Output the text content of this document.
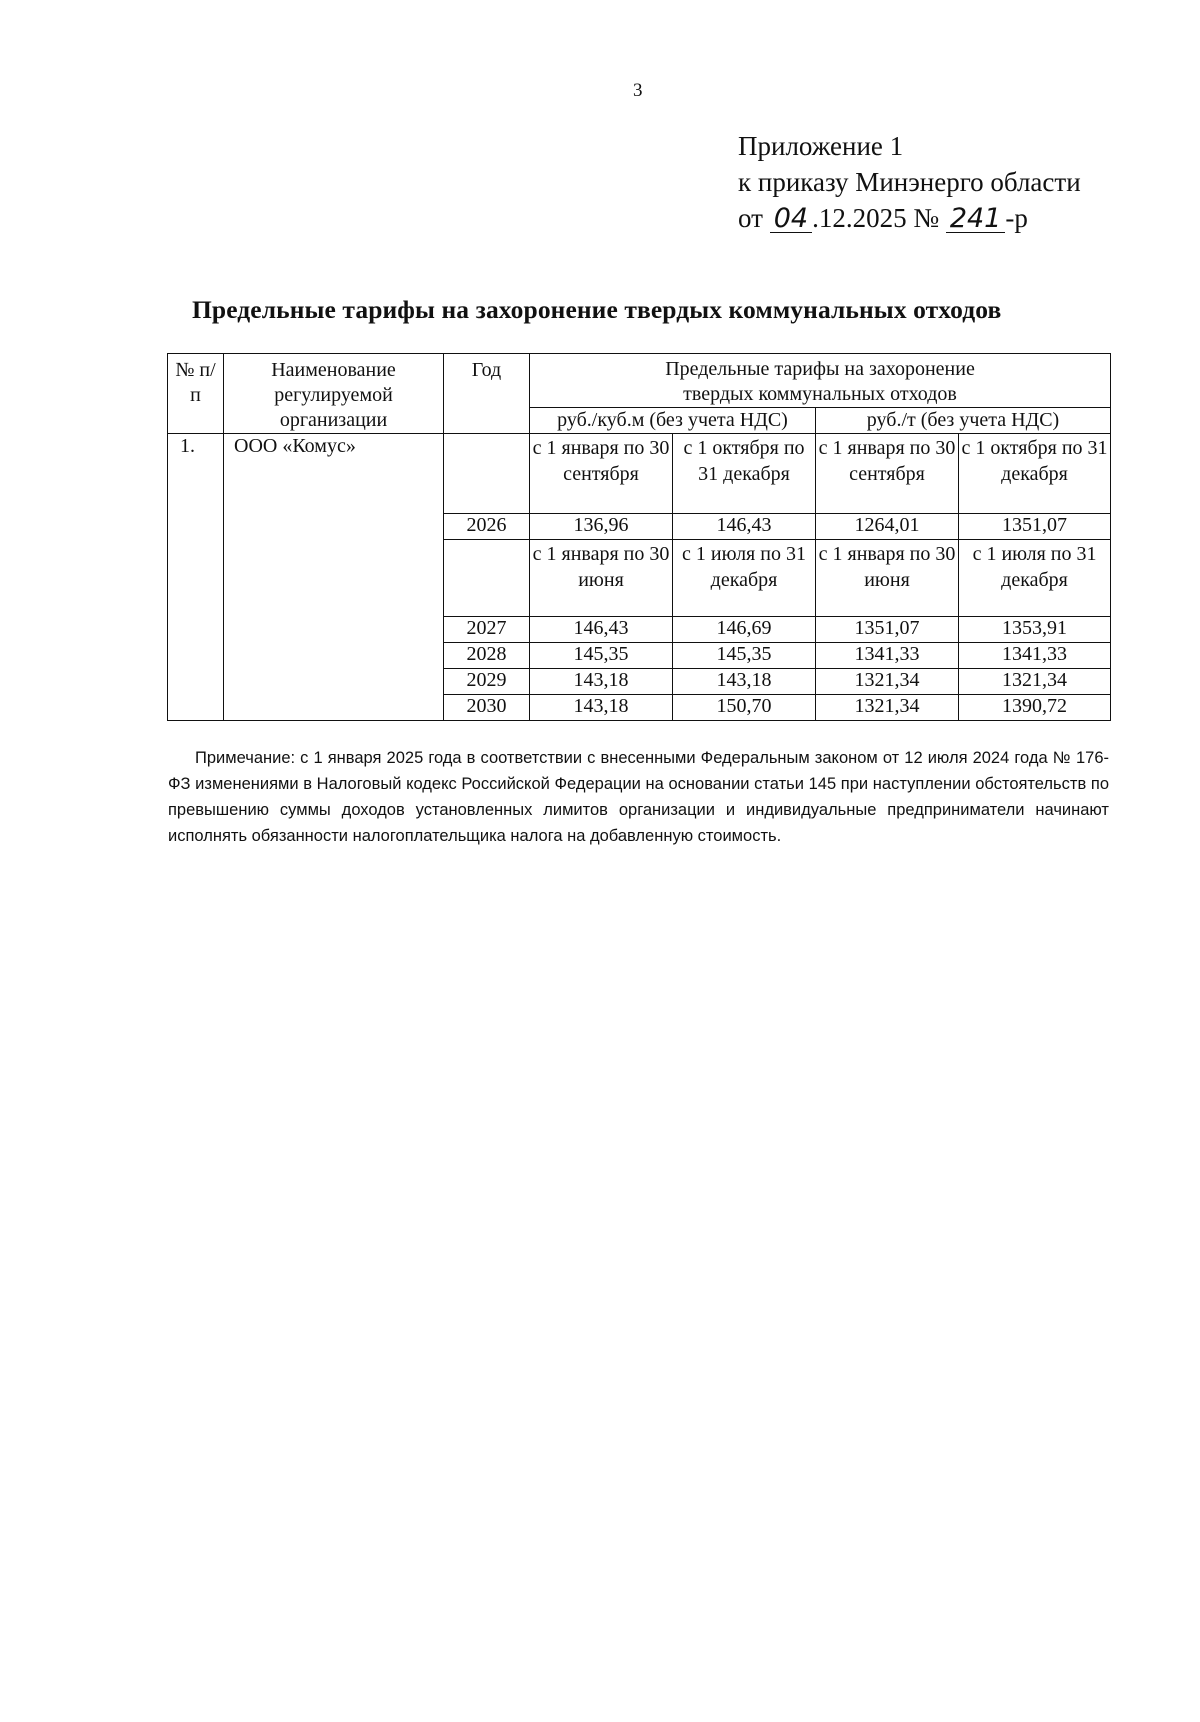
3
Приложение 1
к приказу Минэнерго области
от 04 .12.2025 № 241 -р
Предельные тарифы на захоронение твердых коммунальных отходов
№ п/п	Наименование регулируемой организации	Год	Предельные тарифы на захоронение твердых коммунальных отходов			
			руб./куб.м (без учета НДС)		руб./т (без учета НДС)	
1.	ООО «Комус»		с 1 января по 30 сентября	с 1 октября по 31 декабря	с 1 января по 30 сентября	с 1 октября по 31 декабря
		2026	136,96	146,43	1264,01	1351,07
			с 1 января по 30 июня	с 1 июля по 31 декабря	с 1 января по 30 июня	с 1 июля по 31 декабря
		2027	146,43	146,69	1351,07	1353,91
		2028	145,35	145,35	1341,33	1341,33
		2029	143,18	143,18	1321,34	1321,34
		2030	143,18	150,70	1321,34	1390,72
Примечание: с 1 января 2025 года в соответствии с внесенными Федеральным законом от 12 июля 2024 года № 176-ФЗ изменениями в Налоговый кодекс Российской Федерации на основании статьи 145 при наступлении обстоятельств по превышению суммы доходов установленных лимитов организации и индивидуальные предприниматели начинают исполнять обязанности налогоплательщика налога на добавленную стоимость.
